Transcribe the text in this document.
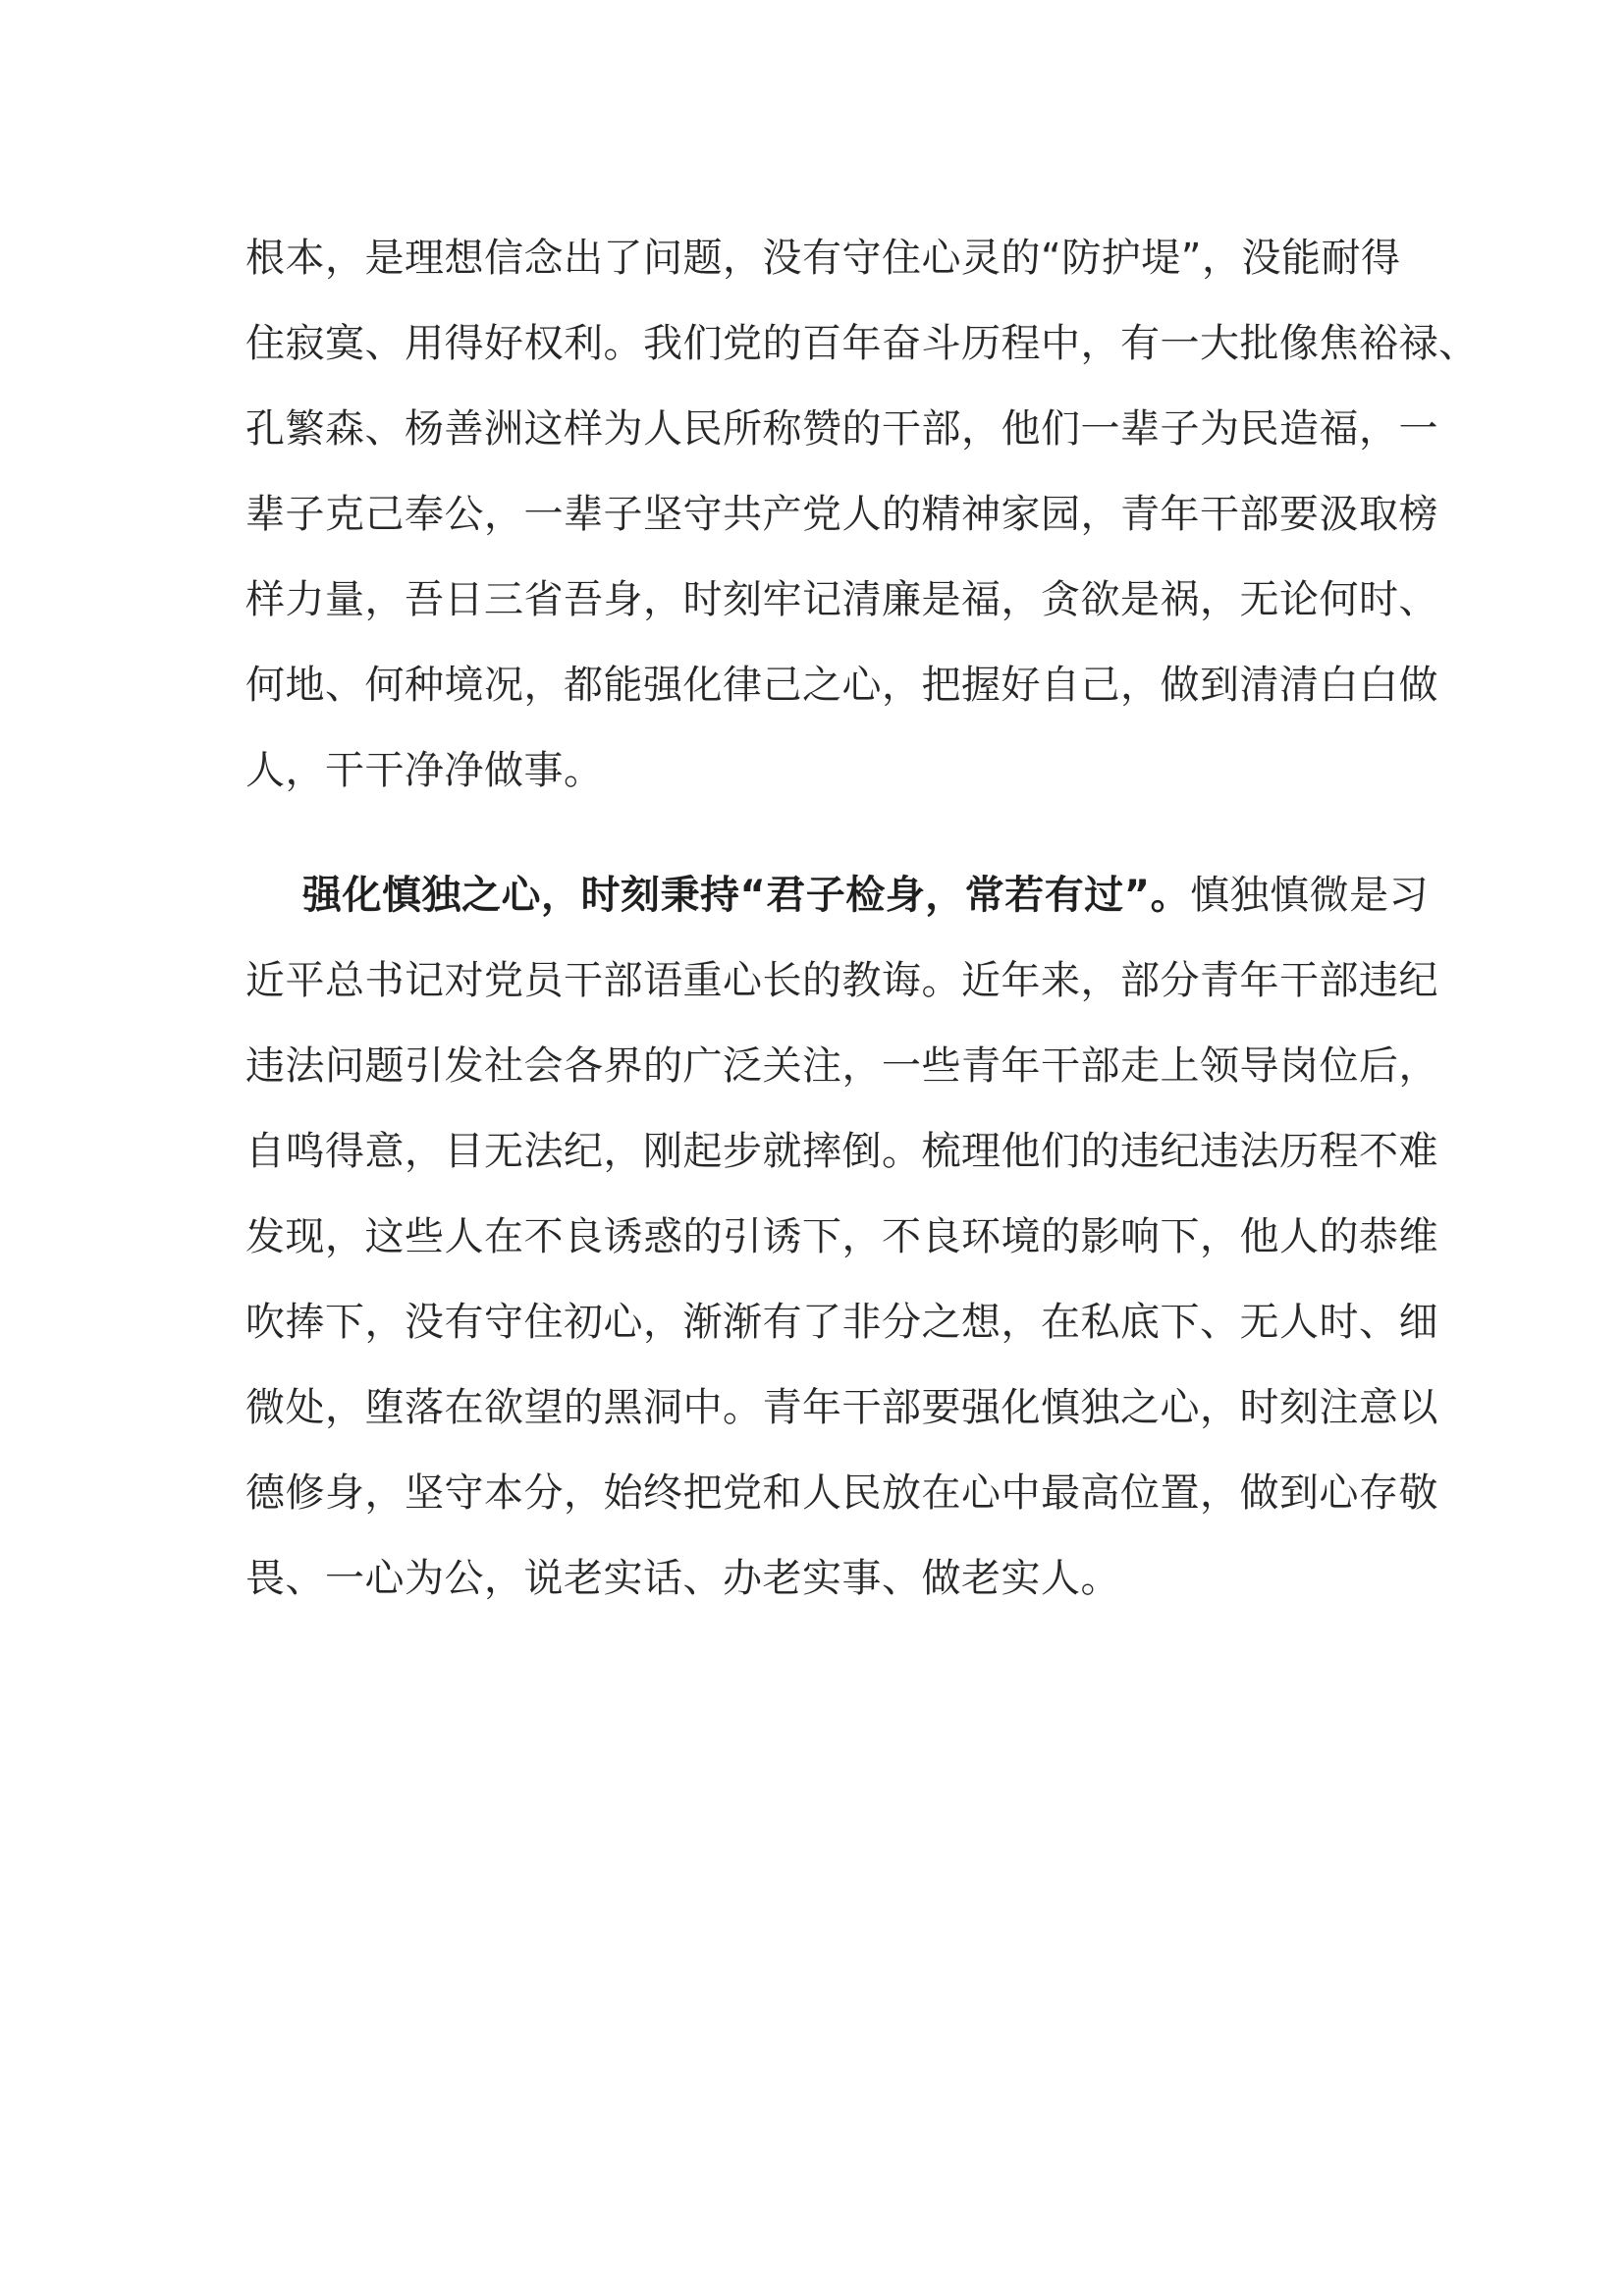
根本，是理想信念出了问题，没有守住心灵的“防护堤”，没能耐得
住寂寞、用得好权利。我们党的百年奋斗历程中，有一大批像焦裕禄、
孔繁森、杨善洲这样为人民所称赞的干部，他们一辈子为民造福，一
辈子克己奉公，一辈子坚守共产党人的精神家园，青年干部要汲取榜
样力量，吾日三省吾身，时刻牢记清廉是福，贪欲是祸，无论何时、
何地、何种境况，都能强化律己之心，把握好自己，做到清清白白做
人，干干净净做事。
强化慎独之心，时刻秉持“君子检身，常若有过”。慎独慎微是习
近平总书记对党员干部语重心长的教诲。近年来，部分青年干部违纪
违法问题引发社会各界的广泛关注，一些青年干部走上领导岗位后，
自鸣得意，目无法纪，刚起步就摔倒。梳理他们的违纪违法历程不难
发现，这些人在不良诱惑的引诱下，不良环境的影响下，他人的恭维
吹捧下，没有守住初心，渐渐有了非分之想，在私底下、无人时、细
微处，堕落在欲望的黑洞中。青年干部要强化慎独之心，时刻注意以
德修身，坚守本分，始终把党和人民放在心中最高位置，做到心存敬
畏、一心为公，说老实话、办老实事、做老实人。
